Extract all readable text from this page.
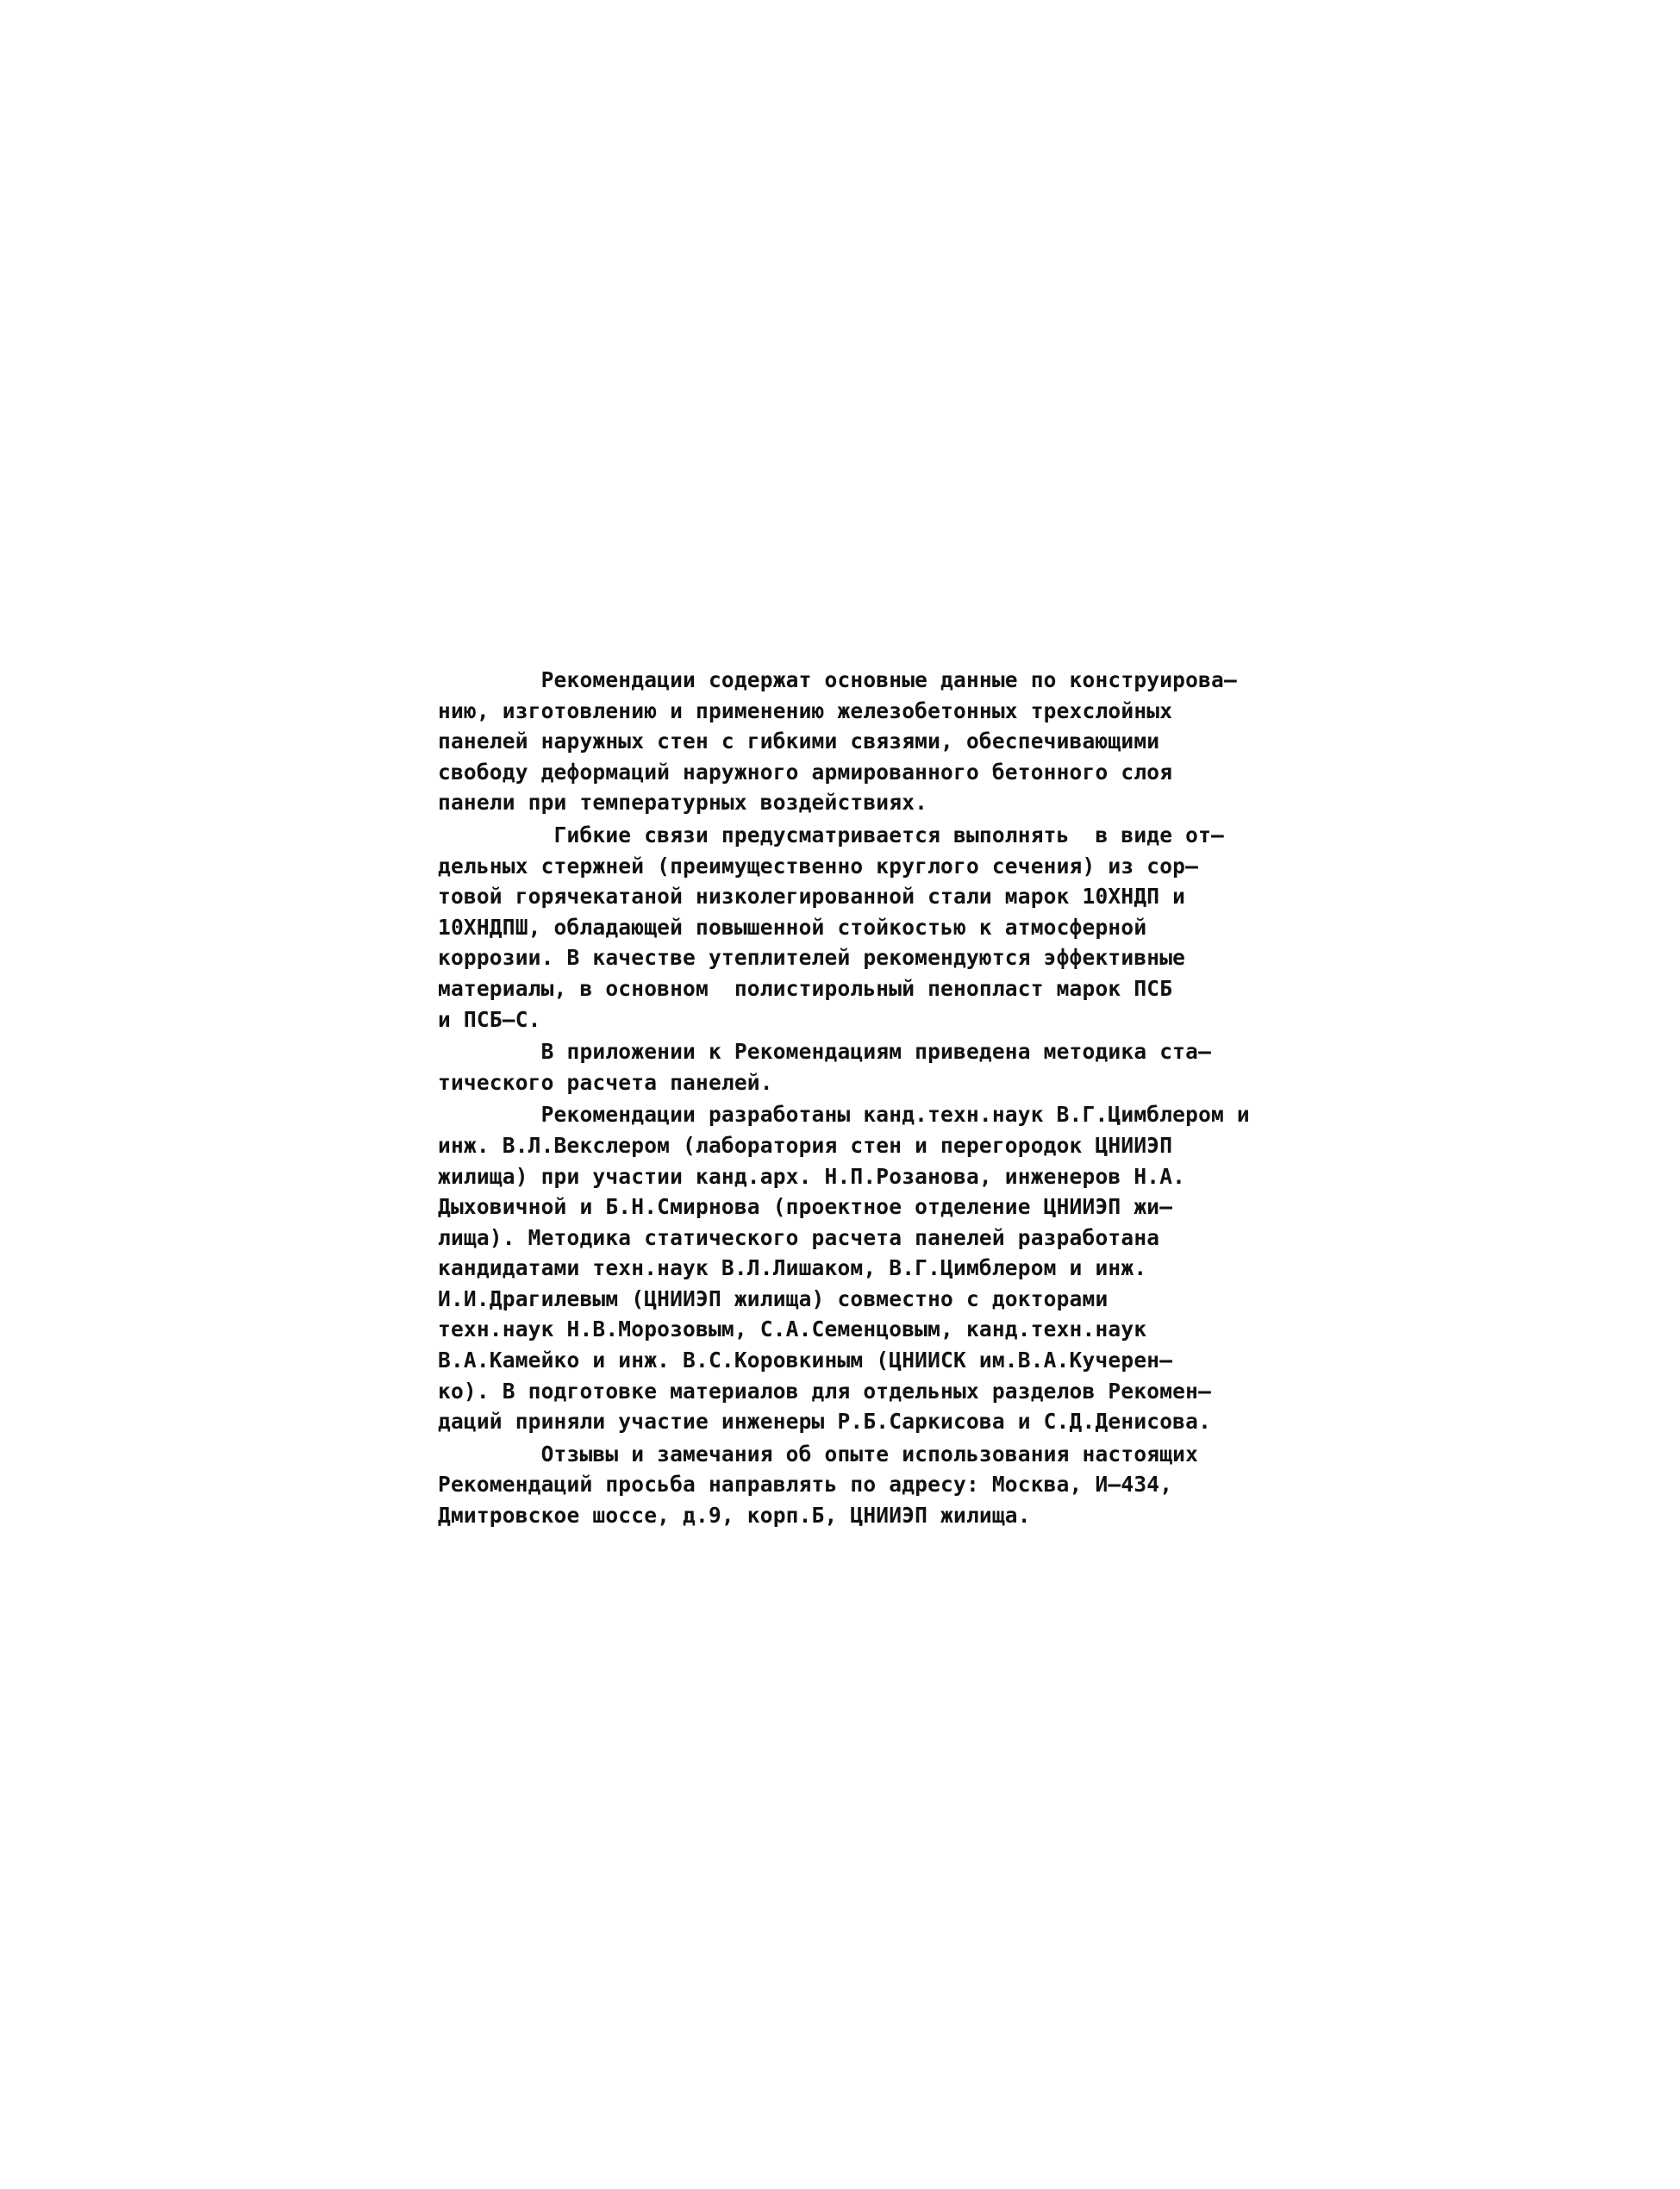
Рекомендации содержат основные данные по конструирова–
нию, изготовлению и применению железобетонных трехслойных
панелей наружных стен с гибкими связями, обеспечивающими
свободу деформаций наружного армированного бетонного слоя
панели при температурных воздействиях.

Гибкие связи предусматривается выполнять  в виде от–
дельных стержней (преимущественно круглого сечения) из сор–
товой горячекатаной низколегированной стали марок 10ХНДП и
10ХНДПШ, обладающей повышенной стойкостью к атмосферной
коррозии. В качестве утеплителей рекомендуются эффективные
материалы, в основном  полистирольный пенопласт марок ПСБ
и ПСБ–С.

В приложении к Рекомендациям приведена методика ста–
тического расчета панелей.

Рекомендации разработаны канд.техн.наук В.Г.Цимблером и
инж. В.Л.Векслером (лаборатория стен и перегородок ЦНИИЭП
жилища) при участии канд.арх. Н.П.Розанова, инженеров Н.А.
Дыховичной и Б.Н.Смирнова (проектное отделение ЦНИИЭП жи–
лища). Методика статического расчета панелей разработана
кандидатами техн.наук В.Л.Лишаком, В.Г.Цимблером и инж.
И.И.Драгилевым (ЦНИИЭП жилища) совместно с докторами
техн.наук Н.В.Морозовым, С.А.Семенцовым, канд.техн.наук
В.А.Камейко и инж. В.С.Коровкиным (ЦНИИСК им.В.А.Кучерен–
ко). В подготовке материалов для отдельных разделов Рекомен–
даций приняли участие инженеры Р.Б.Саркисова и С.Д.Денисова.

Отзывы и замечания об опыте использования настоящих
Рекомендаций просьба направлять по адресу: Москва, И–434,
Дмитровское шоссе, д.9, корп.Б, ЦНИИЭП жилища.
